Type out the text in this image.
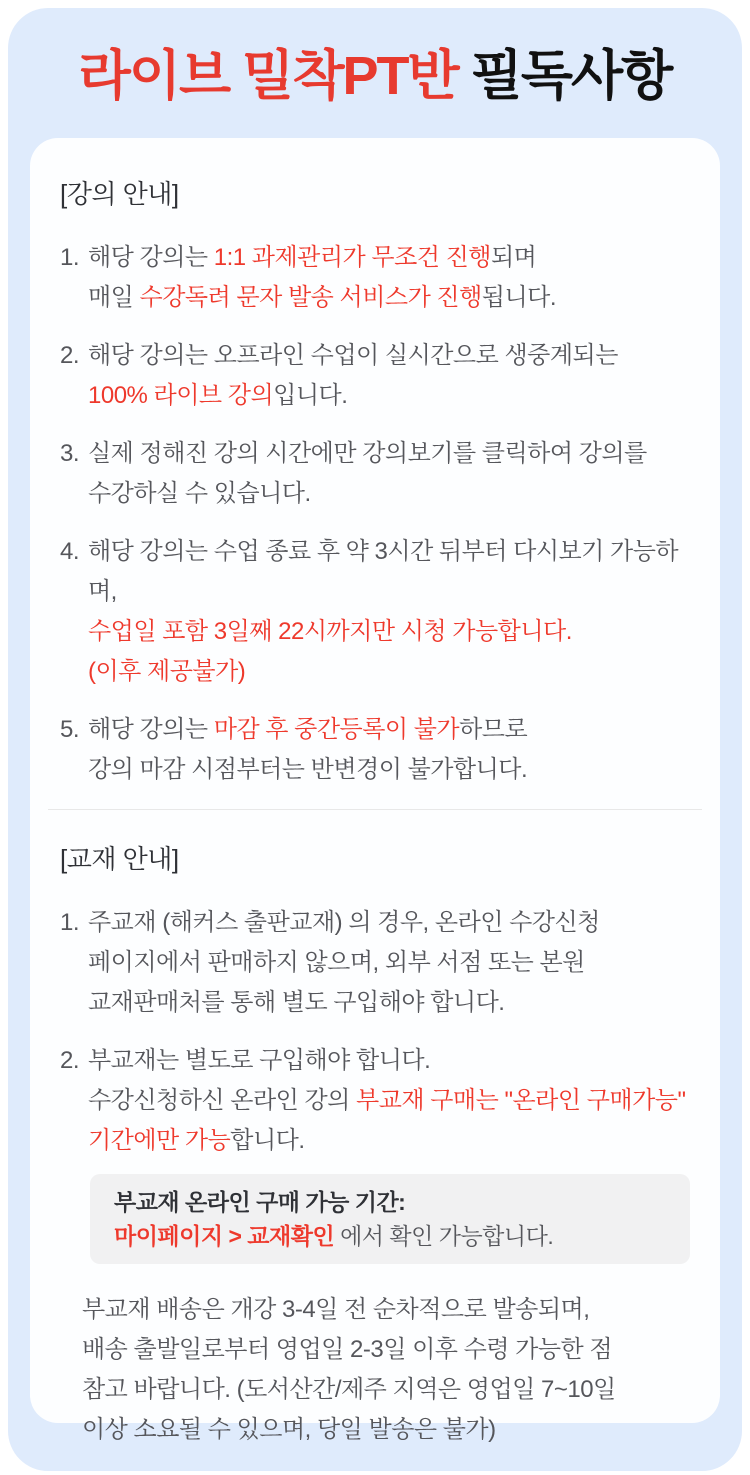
라이브 밀착PT반 필독사항
[강의 안내]
1. 해당 강의는 1:1 과제관리가 무조건 진행되며
매일 수강독려 문자 발송 서비스가 진행됩니다.
2. 해당 강의는 오프라인 수업이 실시간으로 생중계되는
100% 라이브 강의입니다.
3. 실제 정해진 강의 시간에만 강의보기를 클릭하여 강의를
수강하실 수 있습니다.
4. 해당 강의는 수업 종료 후 약 3시간 뒤부터 다시보기 가능하며,
수업일 포함 3일째 22시까지만 시청 가능합니다.
(이후 제공불가)
5. 해당 강의는 마감 후 중간등록이 불가하므로
강의 마감 시점부터는 반변경이 불가합니다.
[교재 안내]
1. 주교재 (해커스 출판교재) 의 경우, 온라인 수강신청
페이지에서 판매하지 않으며, 외부 서점 또는 본원
교재판매처를 통해 별도 구입해야 합니다.
2. 부교재는 별도로 구입해야 합니다.
수강신청하신 온라인 강의 부교재 구매는 "온라인 구매가능"
기간에만 가능합니다.
부교재 온라인 구매 가능 기간:
마이페이지 > 교재확인 에서 확인 가능합니다.
부교재 배송은 개강 3-4일 전 순차적으로 발송되며,
배송 출발일로부터 영업일 2-3일 이후 수령 가능한 점
참고 바랍니다. (도서산간/제주 지역은 영업일 7~10일
이상 소요될 수 있으며, 당일 발송은 불가)
